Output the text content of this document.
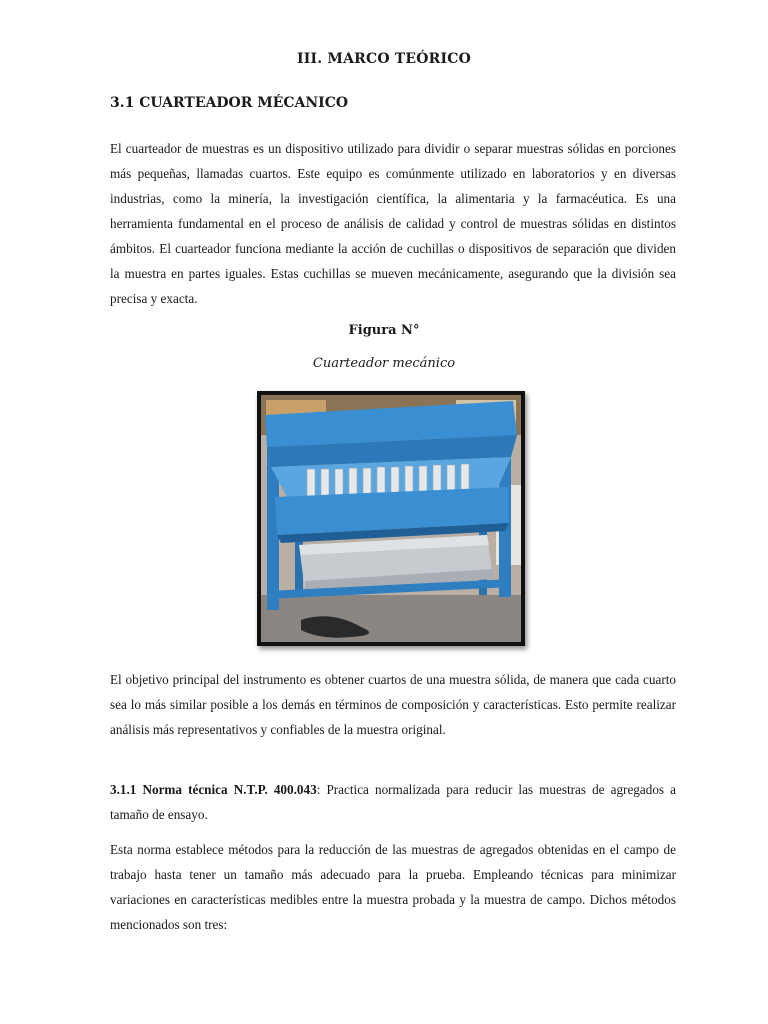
III. MARCO TEÓRICO
3.1 CUARTEADOR MÉCANICO
El cuarteador de muestras es un dispositivo utilizado para dividir o separar muestras sólidas en porciones más pequeñas, llamadas cuartos. Este equipo es comúnmente utilizado en laboratorios y en diversas industrias, como la minería, la investigación científica, la alimentaria y la farmacéutica. Es una herramienta fundamental en el proceso de análisis de calidad y control de muestras sólidas en distintos ámbitos. El cuarteador funciona mediante la acción de cuchillas o dispositivos de separación que dividen la muestra en partes iguales. Estas cuchillas se mueven mecánicamente, asegurando que la división sea precisa y exacta.
Figura N°
Cuarteador mecánico
El objetivo principal del instrumento es obtener cuartos de una muestra sólida, de manera que cada cuarto sea lo más similar posible a los demás en términos de composición y características. Esto permite realizar análisis más representativos y confiables de la muestra original.
3.1.1 Norma técnica N.T.P. 400.043: Practica normalizada para reducir las muestras de agregados a tamaño de ensayo.
Esta norma establece métodos para la reducción de las muestras de agregados obtenidas en el campo de trabajo hasta tener un tamaño más adecuado para la prueba. Empleando técnicas para minimizar variaciones en características medibles entre la muestra probada y la muestra de campo. Dichos métodos mencionados son tres:
